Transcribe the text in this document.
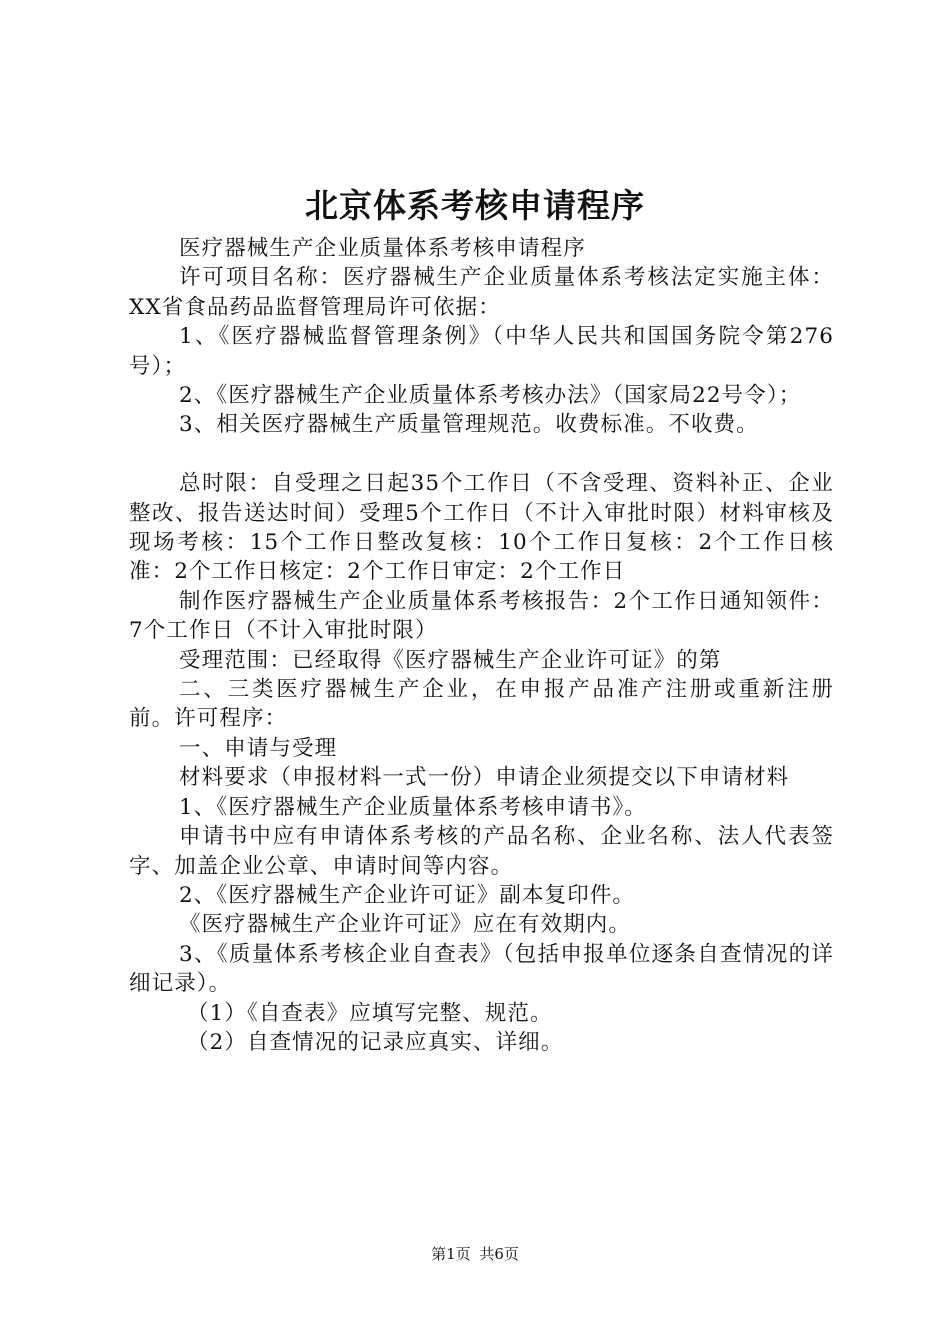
北京体系考核申请程序

医疗器械生产企业质量体系考核申请程序

许可项目名称：医疗器械生产企业质量体系考核法定实施主体：XX省食品药品监督管理局许可依据：

1、《医疗器械监督管理条例》（中华人民共和国国务院令第276号）；

2、《医疗器械生产企业质量体系考核办法》（国家局22号令）；

3、相关医疗器械生产质量管理规范。收费标准。不收费。

总时限：自受理之日起35个工作日（不含受理、资料补正、企业整改、报告送达时间）受理5个工作日（不计入审批时限）材料审核及现场考核：15个工作日整改复核：10个工作日复核：2个工作日核准：2个工作日核定：2个工作日审定：2个工作日

制作医疗器械生产企业质量体系考核报告：2个工作日通知领件：7个工作日（不计入审批时限）

受理范围：已经取得《医疗器械生产企业许可证》的第

二、三类医疗器械生产企业，在申报产品准产注册或重新注册前。许可程序：

一、申请与受理

材料要求（申报材料一式一份）申请企业须提交以下申请材料

1、《医疗器械生产企业质量体系考核申请书》。

申请书中应有申请体系考核的产品名称、企业名称、法人代表签字、加盖企业公章、申请时间等内容。

2、《医疗器械生产企业许可证》副本复印件。

《医疗器械生产企业许可证》应在有效期内。

3、《质量体系考核企业自查表》（包括申报单位逐条自查情况的详细记录）。

（1）《自查表》应填写完整、规范。

（2）自查情况的记录应真实、详细。

第1页 共6页
